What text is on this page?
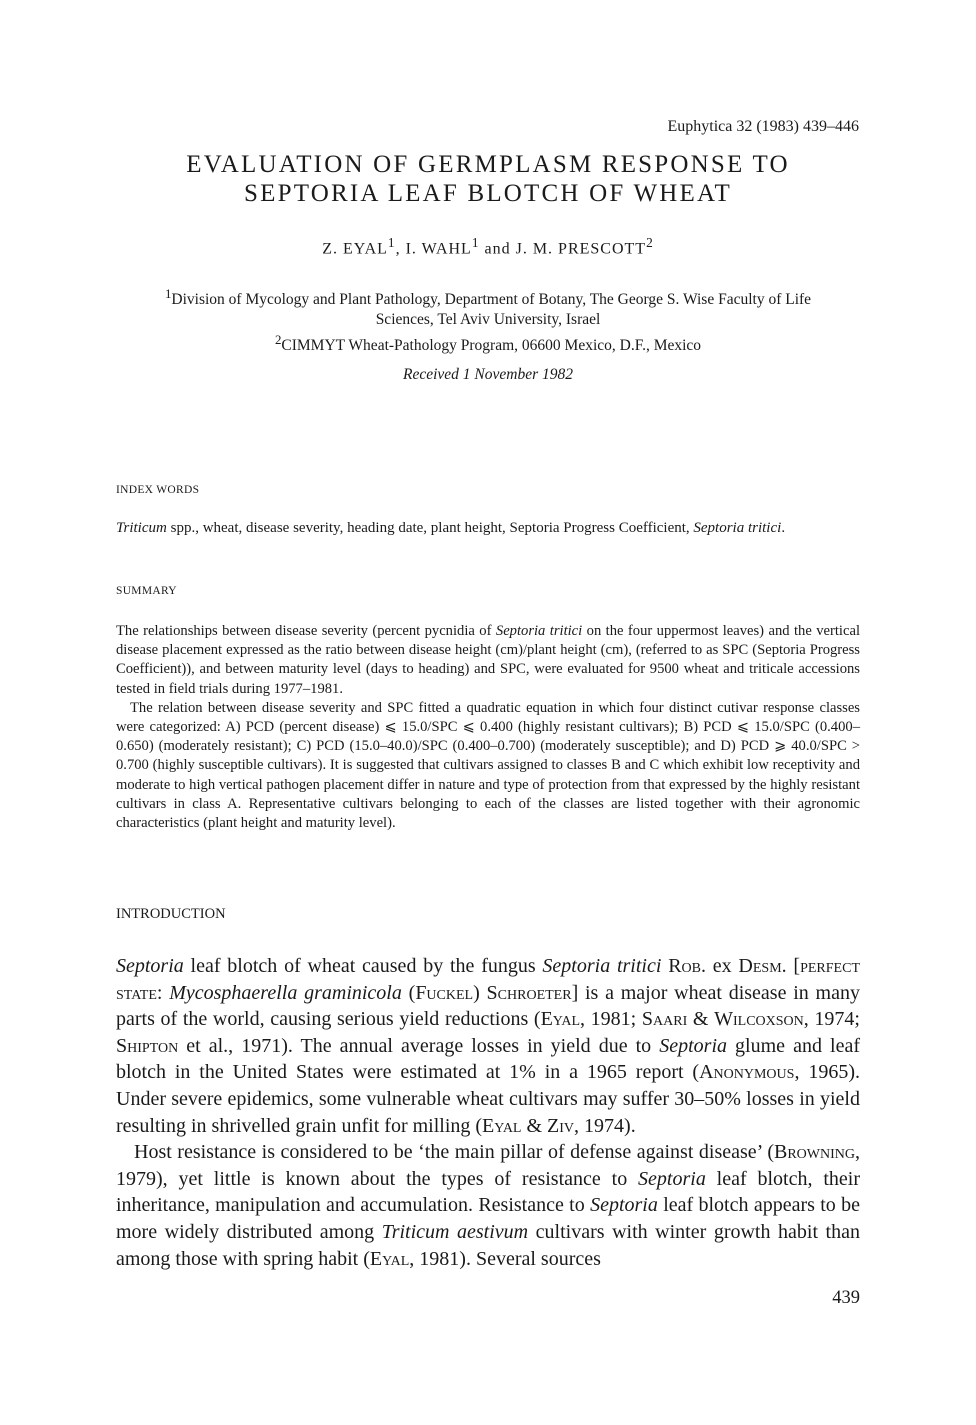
Euphytica 32 (1983) 439–446
EVALUATION OF GERMPLASM RESPONSE TO
SEPTORIA LEAF BLOTCH OF WHEAT
Z. EYAL$^1$, I. WAHL$^1$ and J. M. PRESCOTT$^2$
$^1$Division of Mycology and Plant Pathology, Department of Botany, The George S. Wise Faculty of Life
Sciences, Tel Aviv University, Israel
$^2$CIMMYT Wheat-Pathology Program, 06600 Mexico, D.F., Mexico
Received 1 November 1982
INDEX WORDS
Triticum spp., wheat, disease severity, heading date, plant height, Septoria Progress Coefficient, Septoria tritici.
SUMMARY

The relationships between disease severity (percent pycnidia of Septoria tritici on the four uppermost leaves) and the vertical disease placement expressed as the ratio between disease height (cm)/plant height (cm), (referred to as SPC (Septoria Progress Coefficient)), and between maturity level (days to heading) and SPC, were evaluated for 9500 wheat and triticale accessions tested in field trials during 1977–1981.

The relation between disease severity and SPC fitted a quadratic equation in which four distinct cutivar response classes were categorized: A) PCD (percent disease) ⩽ 15.0/SPC ⩽ 0.400 (highly resistant cultivars); B) PCD ⩽ 15.0/SPC (0.400–0.650) (moderately resistant); C) PCD (15.0–40.0)/SPC (0.400–0.700) (moderately susceptible); and D) PCD ⩾ 40.0/SPC > 0.700 (highly susceptible cultivars). It is suggested that cultivars assigned to classes B and C which exhibit low receptivity and moderate to high vertical pathogen placement differ in nature and type of protection from that expressed by the highly resistant cultivars in class A. Representative cultivars belonging to each of the classes are listed together with their agronomic characteristics (plant height and maturity level).

INTRODUCTION

Septoria leaf blotch of wheat caused by the fungus Septoria tritici Rob. ex Desm. [perfect state: Mycosphaerella graminicola (Fuckel) Schroeter] is a major wheat disease in many parts of the world, causing serious yield reductions (Eyal, 1981; Saari & Wilcoxson, 1974; Shipton et al., 1971). The annual average losses in yield due to Septoria glume and leaf blotch in the United States were estimated at 1% in a 1965 report (Anonymous, 1965). Under severe epidemics, some vulnerable wheat cultivars may suffer 30–50% losses in yield resulting in shrivelled grain unfit for milling (Eyal & Ziv, 1974).

Host resistance is considered to be ‘the main pillar of defense against disease’ (Browning, 1979), yet little is known about the types of resistance to Septoria leaf blotch, their inheritance, manipulation and accumulation. Resistance to Septoria leaf blotch appears to be more widely distributed among Triticum aestivum cultivars with winter growth habit than among those with spring habit (Eyal, 1981). Several sources

439
